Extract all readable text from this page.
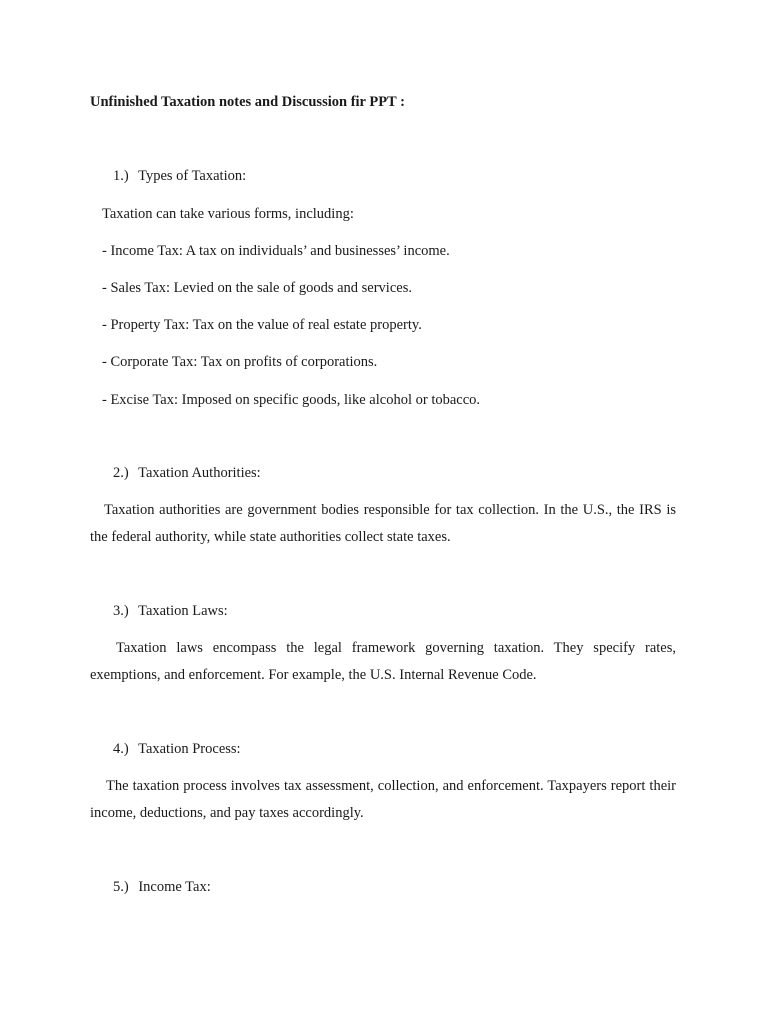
Unfinished Taxation notes and Discussion fir PPT :
1.) Types of Taxation:
Taxation can take various forms, including:
- Income Tax: A tax on individuals’ and businesses’ income.
- Sales Tax: Levied on the sale of goods and services.
- Property Tax: Tax on the value of real estate property.
- Corporate Tax: Tax on profits of corporations.
- Excise Tax: Imposed on specific goods, like alcohol or tobacco.
2.) Taxation Authorities:
Taxation authorities are government bodies responsible for tax collection. In the U.S., the IRS is the federal authority, while state authorities collect state taxes.
3.) Taxation Laws:
Taxation laws encompass the legal framework governing taxation. They specify rates, exemptions, and enforcement. For example, the U.S. Internal Revenue Code.
4.) Taxation Process:
The taxation process involves tax assessment, collection, and enforcement. Taxpayers report their income, deductions, and pay taxes accordingly.
5.) Income Tax:
